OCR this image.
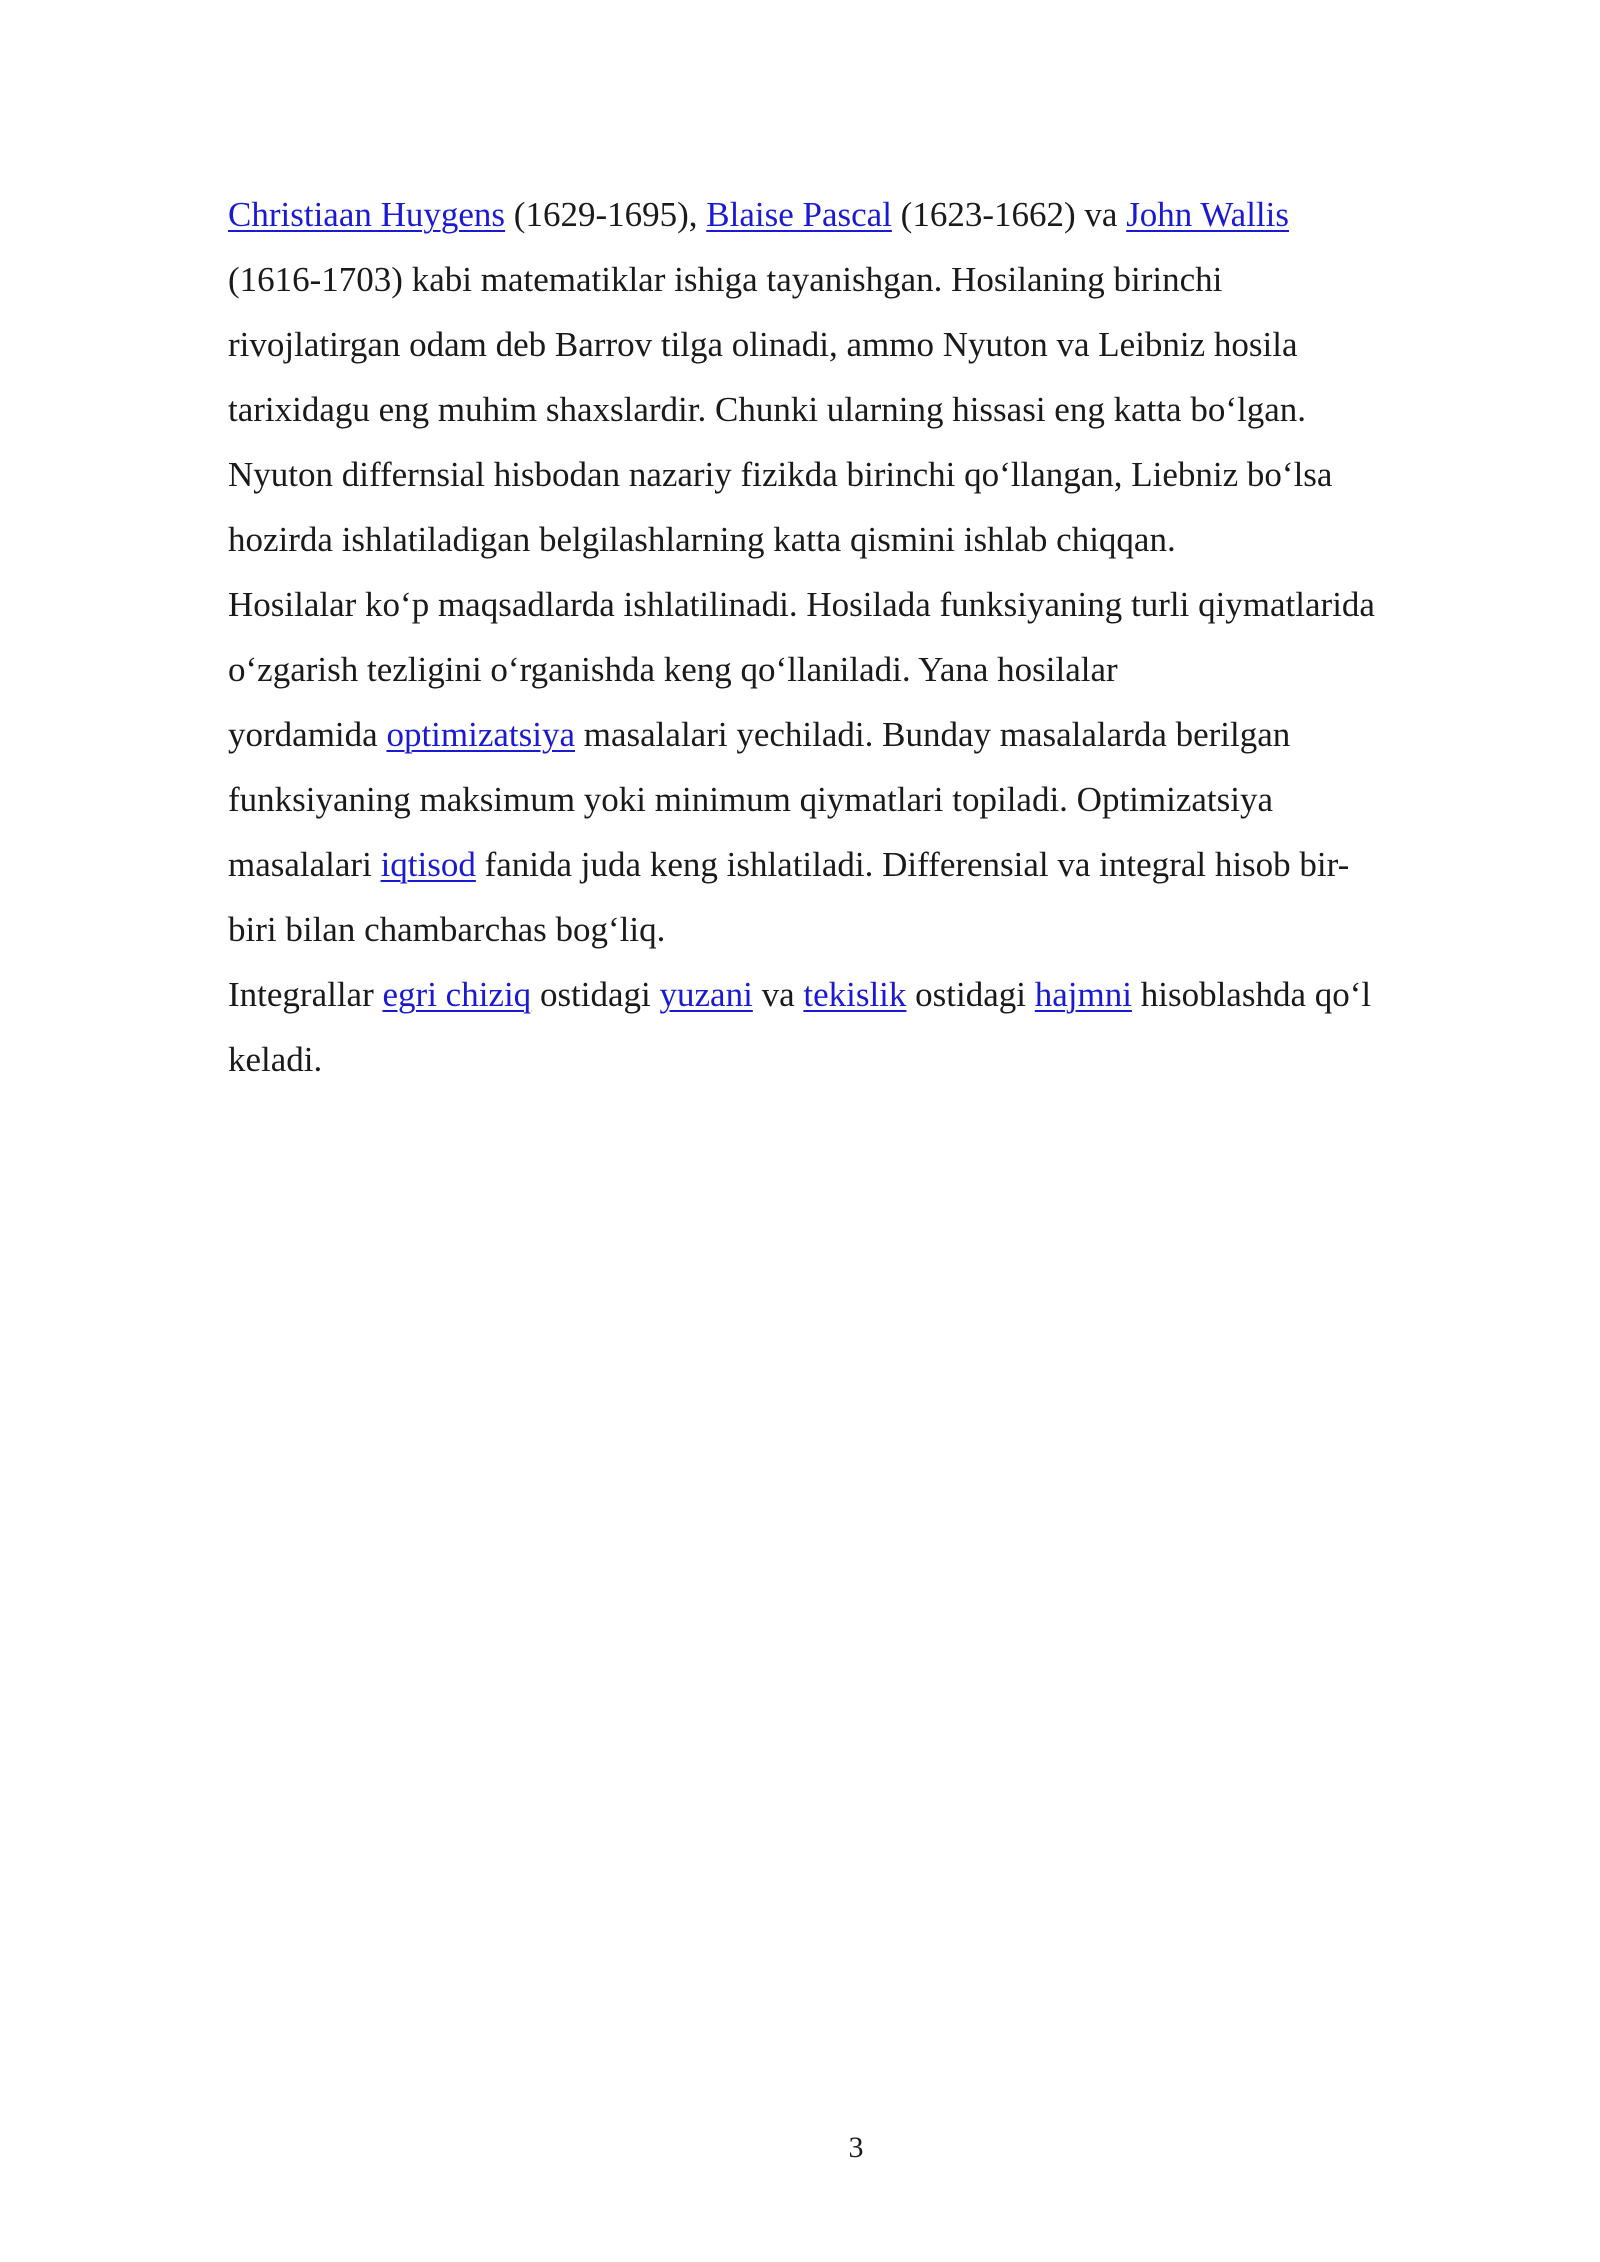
Christiaan Huygens (1629-1695), Blaise Pascal (1623-1662) va John Wallis
(1616-1703) kabi matematiklar ishiga tayanishgan. Hosilaning birinchi
rivojlatirgan odam deb Barrov tilga olinadi, ammo Nyuton va Leibniz hosila
tarixidagu eng muhim shaxslardir. Chunki ularning hissasi eng katta bo‘lgan.
Nyuton differnsial hisbodan nazariy fizikda birinchi qo‘llangan, Liebniz bo‘lsa
hozirda ishlatiladigan belgilashlarning katta qismini ishlab chiqqan.
Hosilalar ko‘p maqsadlarda ishlatilinadi. Hosilada funksiyaning turli qiymatlarida
o‘zgarish tezligini o‘rganishda keng qo‘llaniladi. Yana hosilalar
yordamida optimizatsiya masalalari yechiladi. Bunday masalalarda berilgan
funksiyaning maksimum yoki minimum qiymatlari topiladi. Optimizatsiya
masalalari iqtisod fanida juda keng ishlatiladi. Differensial va integral hisob bir-
biri bilan chambarchas bog‘liq.
Integrallar egri chiziq ostidagi yuzani va tekislik ostidagi hajmni hisoblashda qo‘l
keladi.
3
